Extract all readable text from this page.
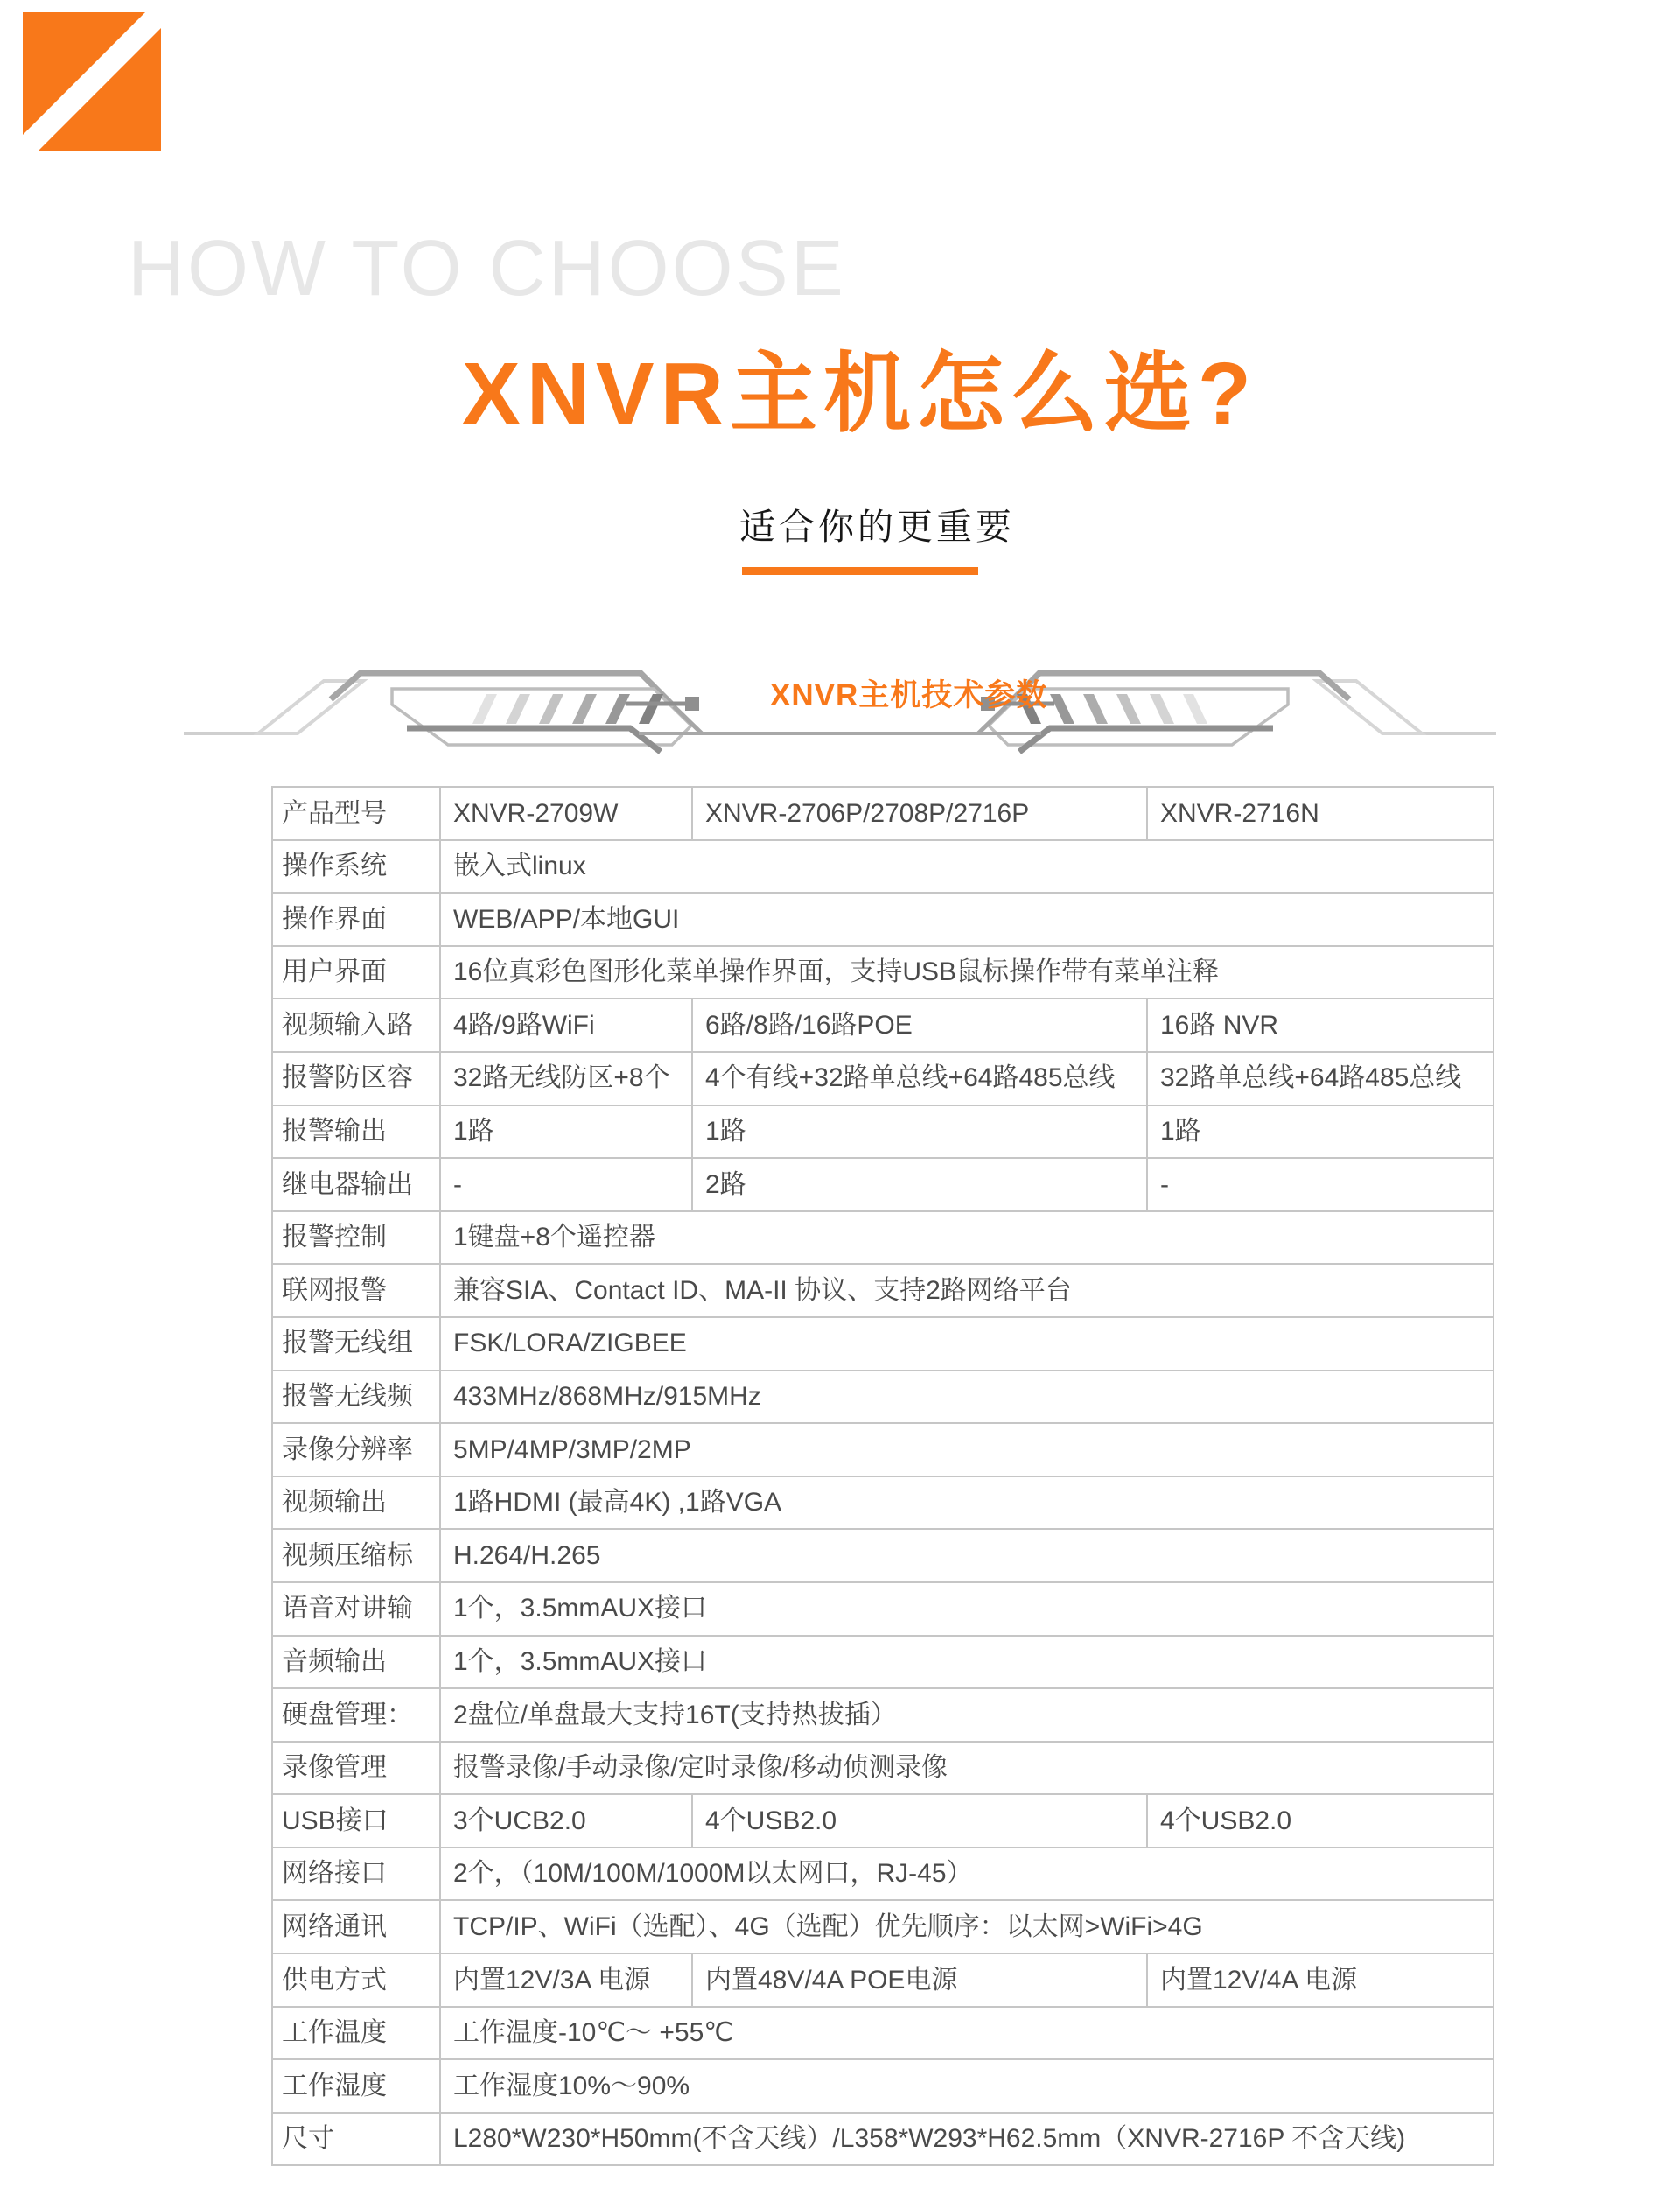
HOW TO CHOOSE
XNVR主机怎么选?
适合你的更重要
XNVR主机技术参数
产品型号	XNVR-2709W	XNVR-2706P/2708P/2716P	XNVR-2716N
操作系统	嵌入式linux		
操作界面	WEB/APP/本地GUI		
用户界面	16位真彩色图形化菜单操作界面，支持USB鼠标操作带有菜单注释		
视频输入路	4路/9路WiFi	6路/8路/16路POE	16路 NVR
报警防区容	32路无线防区+8个	4个有线+32路单总线+64路485总线	32路单总线+64路485总线
报警输出	1路	1路	1路
继电器输出	-	2路	-
报警控制	1键盘+8个遥控器		
联网报警	兼容SIA、Contact ID、MA-II 协议、支持2路网络平台		
报警无线组	FSK/LORA/ZIGBEE		
报警无线频	433MHz/868MHz/915MHz		
录像分辨率	5MP/4MP/3MP/2MP		
视频输出	1路HDMI (最高4K) ,1路VGA		
视频压缩标	H.264/H.265		
语音对讲输	1个，3.5mmAUX接口		
音频输出	1个，3.5mmAUX接口		
硬盘管理：	2盘位/单盘最大支持16T(支持热拔插）		
录像管理	报警录像/手动录像/定时录像/移动侦测录像		
USB接口	3个UCB2.0	4个USB2.0	4个USB2.0
网络接口	2个，（10M/100M/1000M以太网口，RJ-45）		
网络通讯	TCP/IP、WiFi（选配）、4G（选配）优先顺序：以太网>WiFi>4G		
供电方式	内置12V/3A 电源	内置48V/4A POE电源	内置12V/4A 电源
工作温度	工作温度-10℃～ +55℃		
工作湿度	工作湿度10%～90%		
尺寸	L280*W230*H50mm(不含天线）/L358*W293*H62.5mm（XNVR-2716P 不含天线)		
